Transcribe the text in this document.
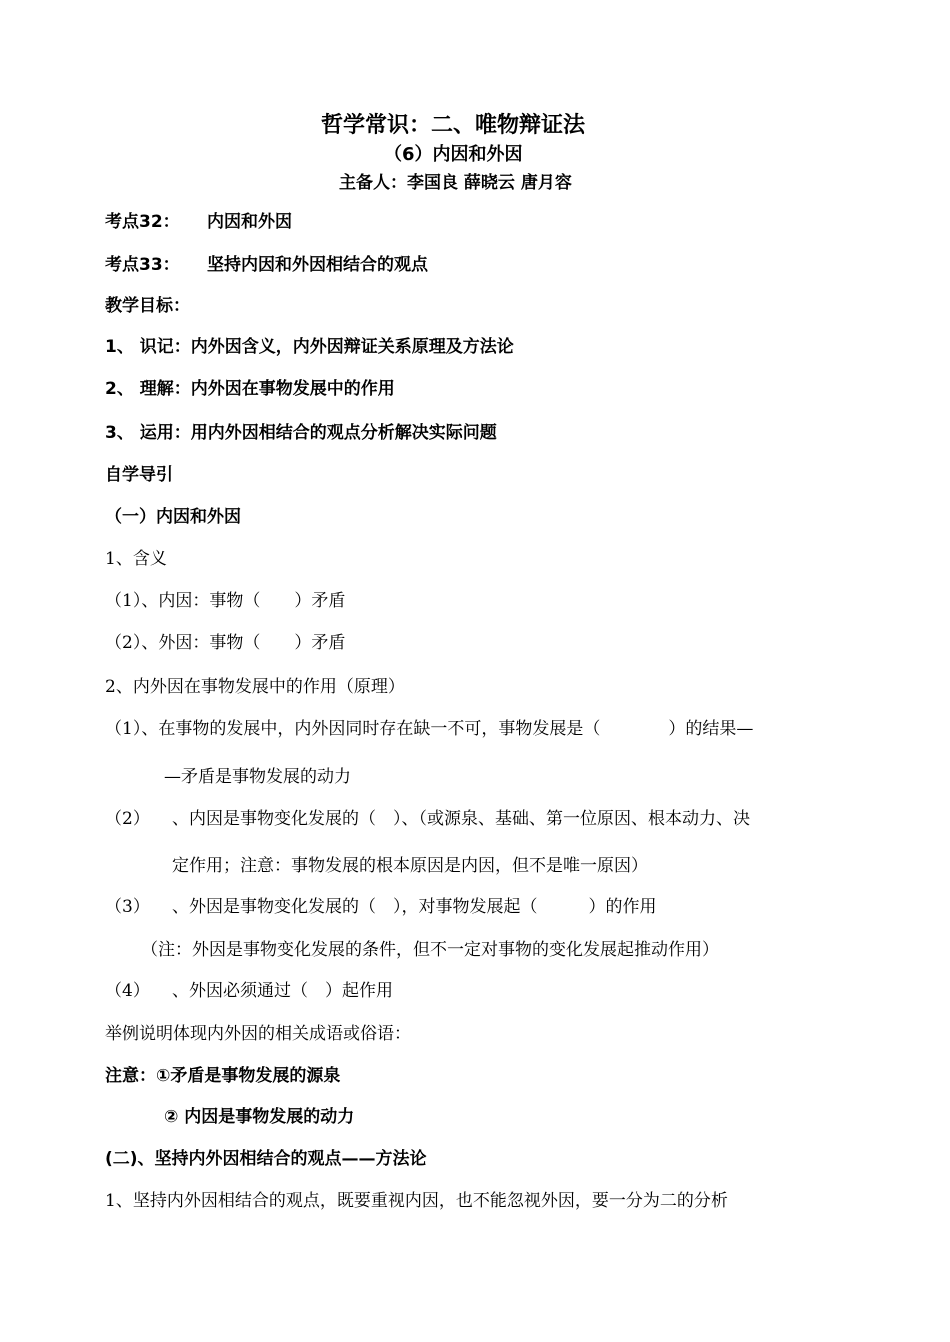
哲学常识：二、唯物辩证法
（6）内因和外因
主备人：李国良 薛晓云 唐月容
考点32： 内因和外因
考点33： 坚持内因和外因相结合的观点
教学目标：
1、 识记：内外因含义，内外因辩证关系原理及方法论
2、 理解：内外因在事物发展中的作用
3、 运用：用内外因相结合的观点分析解决实际问题
自学导引
（一）内因和外因
1、含义
（1）、内因：事物（　　）矛盾
（2）、外因：事物（　　）矛盾
2、内外因在事物发展中的作用（原理）
（1）、在事物的发展中，内外因同时存在缺一不可，事物发展是（　　　　）的结果—
—矛盾是事物发展的动力
（2） 、内因是事物变化发展的（　）、（或源泉、基础、第一位原因、根本动力、决
定作用；注意：事物发展的根本原因是内因，但不是唯一原因）
（3） 、外因是事物变化发展的（　），对事物发展起（　　　）的作用
（注：外因是事物变化发展的条件，但不一定对事物的变化发展起推动作用）
（4） 、外因必须通过（　）起作用
举例说明体现内外因的相关成语或俗语：
注意：①矛盾是事物发展的源泉
② 内因是事物发展的动力
(二)、坚持内外因相结合的观点——方法论
1、坚持内外因相结合的观点，既要重视内因，也不能忽视外因，要一分为二的分析
